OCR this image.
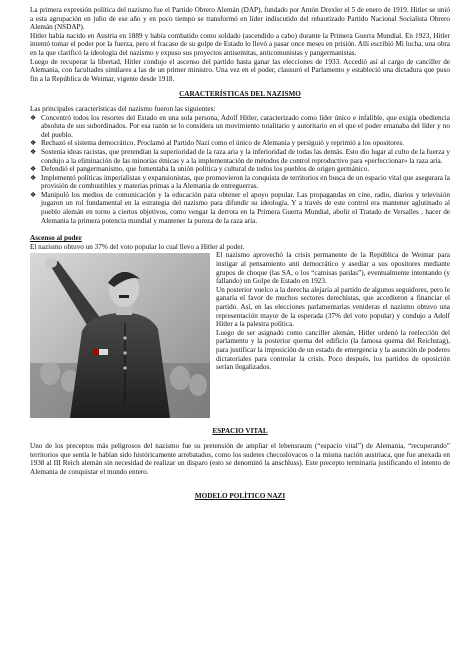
La primera expresión política del nazismo fue el Partido Obrero Alemán (DAP), fundado por Antón Drexler el 5 de enero de 1919. Hitler se unió a esta agrupación en julio de ese año y en poco tiempo se transformó en líder indiscutido del rebautizado Partido Nacional Socialista Obrero Alemán (NSDAP).

Hitler había nacido en Austria en 1889 y había combatido como soldado (ascendido a cabo) durante la Primera Guerra Mundial. En 1923, Hitler intentó tomar el poder por la fuerza, pero el fracaso de su golpe de Estado lo llevó a pasar once meses en prisión. Allí escribió Mi lucha, una obra en la que clarificó la ideología del nazismo y expuso sus proyectos antisemitas, anticomunistas y pangermanistas.

Luego de recuperar la libertad, Hitler condujo el ascenso del partido hasta ganar las elecciones de 1933. Accedió así al cargo de canciller de Alemania, con facultades similares a las de un primer ministro. Una vez en el poder, clausuró el Parlamento y estableció una dictadura que puso fin a la República de Weimar, vigente desde 1918.

CARACTERÍSTICAS DEL NAZISMO

Las principales características del nazismo fueron las siguientes:

❖ Concentró todos los resortes del Estado en una sola persona, Adolf Hitler, caracterizado como líder único e infalible, que exigía obediencia absoluta de sus subordinados. Por esa razón se lo considera un movimiento totalitario y autoritario en el que el poder emanaba del líder y no del pueblo.
❖ Rechazó el sistema democrático. Proclamó al Partido Nazi como el único de Alemania y persiguió y reprimió a los opositores.
❖ Sostenía ideas racistas, que pretendían la superioridad de la raza aria y la inferioridad de todas las demás. Esto dio lugar al culto de la fuerza y condujo a la eliminación de las minorías étnicas y a la implementación de métodos de control reproductivo para «perfeccionar» la raza aria.
❖ Defendió el pangermanismo, que fomentaba la unión política y cultural de todos los pueblos de origen germánico.
❖ Implementó políticas imperialistas y expansionistas, que promovieron la conquista de territorios en busca de un espacio vital que asegurara la provisión de combustibles y materias primas a la Alemania de entreguerras.
❖ Manipuló los medios de comunicación y la educación para obtener el apoyo popular. Las propagandas en cine, radio, diarios y televisión jugaron un rol fundamental en la estrategia del nazismo para difundir su ideología. Y a través de este control era mantener aglutinado al pueblo alemán en torno a ciertos objetivos, como vengar la derrota en la Primera Guerra Mundial, abolir el Tratado de Versalles , hacer de Alemania la primera potencia mundial y mantener la pureza de la raza aria.
Ascenso al poder

El nazismo obtuvo un 37% del voto popular lo cual llevo a Hitler al poder.

El nazismo aprovechó la crisis permanente de la República de Weimar para instigar al pensamiento anti democrático y asediar a sus opositores mediante grupos de choque (las SA, o los “camisas pardas”), eventualmente intentando (y fallando) un Golpe de Estado en 1923.

Un posterior vuelco a la derecha alejaría al partido de algunos seguidores, pero le ganaría el favor de muchos sectores derechistas, que accedieron a financiar el partido. Así, en las elecciones parlamentarias venideras el nazismo obtuvo una representación mayor de la esperada (37% del voto popular) y condujo a Adolf Hitler a la palestra política.

Luego de ser asignado como canciller alemán, Hitler ordenó la reelección del parlamento y la posterior quema del edificio (la famosa quema del Reichstag), para justificar la imposición de un estado de emergencia y la asunción de poderes dictatoriales para controlar la crisis. Poco después, los partidos de oposición serían ilegalizados.

ESPACIO VITAL

Uno de los preceptos más peligrosos del nazismo fue su pretensión de ampliar el lebensraum (“espacio vital”) de Alemania, “recuperando” territorios que sentía le habían sido históricamente arrebatados, como los sudetes checoslovacos o la misma nación austriaca, que fue anexada en 1938 al III Reich alemán sin necesidad de realizar un disparo (esto se denominó la anschluss). Este precepto terminaría justificando el intento de Alemania de conquistar el mundo entero.

MODELO POLÍTICO NAZI
